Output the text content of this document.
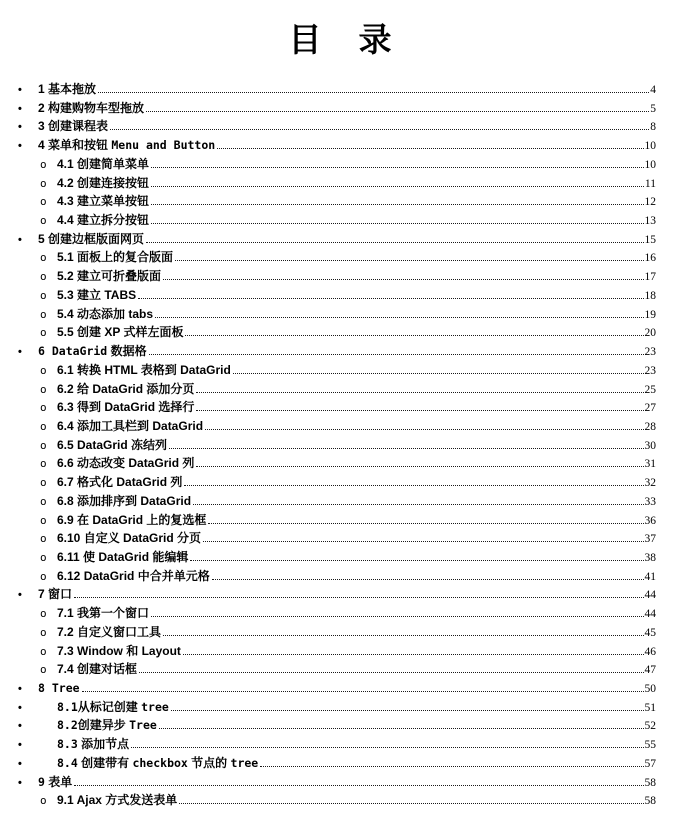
目　录
•	1 基本拖放	4
•	2 构建购物车型拖放	5
•	3 创建课程表	8
•	4 菜单和按钮 Menu and Button	10
o 4.1 创建简单菜单	10
o 4.2 创建连接按钮	11
o 4.3 建立菜单按钮	12
o 4.4 建立拆分按钮	13
•	5 创建边框版面网页	15
o 5.1 面板上的复合版面	16
o 5.2 建立可折叠版面	17
o 5.3 建立 TABS	18
o 5.4 动态添加 tabs	19
o 5.5 创建 XP 式样左面板	20
•	6 DataGrid 数据格	23
o 6.1 转换 HTML 表格到 DataGrid	23
o 6.2 给 DataGrid 添加分页	25
o 6.3 得到 DataGrid 选择行	27
o 6.4 添加工具栏到 DataGrid	28
o 6.5 DataGrid 冻结列	30
o 6.6 动态改变 DataGrid 列	31
o 6.7 格式化 DataGrid 列	32
o 6.8 添加排序到 DataGrid	33
o 6.9 在 DataGrid 上的复选框	36
o 6.10 自定义 DataGrid 分页	37
o 6.11 使 DataGrid 能编辑	38
o 6.12 DataGrid 中合并单元格	41
•	7 窗口	44
o 7.1 我第一个窗口	44
o 7.2 自定义窗口工具	45
o 7.3 Window 和 Layout	46
o 7.4 创建对话框	47
•	8 Tree	50
•	8.1从标记创建 tree	51
•	8.2创建异步 Tree	52
•	8.3 添加节点	55
•	8.4 创建带有 checkbox 节点的 tree	57
•	9 表单	58
o 9.1 Ajax 方式发送表单	58
